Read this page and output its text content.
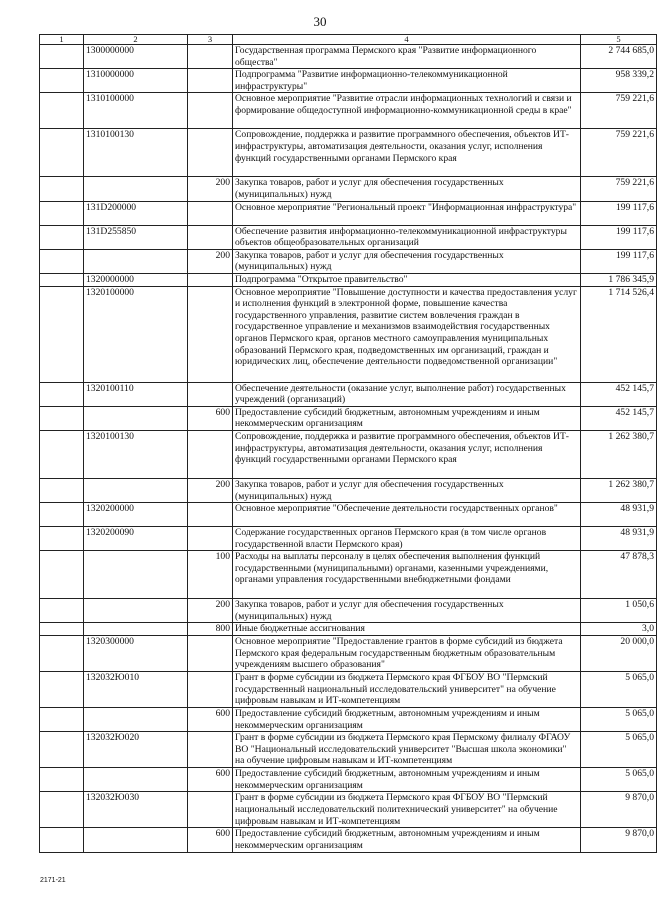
30
1	2	3	4	5
	1300000000		Государственная программа Пермского края "Развитие информационного общества"	2 744 685,0
	1310000000		Подпрограмма "Развитие информационно-телекоммуникационной инфраструктуры"	958 339,2
	1310100000		Основное мероприятие "Развитие отрасли информационных технологий и связи и формирование общедоступной информационно-коммуникационной среды в крае"	759 221,6
	1310100130		Сопровождение, поддержка и развитие программного обеспечения, объектов ИТ-инфраструктуры, автоматизация деятельности, оказания услуг, исполнения функций государственными органами Пермского края	759 221,6
		200	Закупка товаров, работ и услуг для обеспечения государственных (муниципальных) нужд	759 221,6
	131D200000		Основное мероприятие "Региональный проект "Информационная инфраструктура"	199 117,6
	131D255850		Обеспечение развития информационно-телекоммуникационной инфраструктуры объектов общеобразовательных организаций	199 117,6
		200	Закупка товаров, работ и услуг для обеспечения государственных (муниципальных) нужд	199 117,6
	1320000000		Подпрограмма "Открытое правительство"	1 786 345,9
	1320100000		Основное мероприятие "Повышение доступности и качества предоставления услуг и исполнения функций в электронной форме, повышение качества государственного управления, развитие систем вовлечения граждан в государственное управление и механизмов взаимодействия государственных органов Пермского края, органов местного самоуправления муниципальных образований Пермского края, подведомственных им организаций, граждан и юридических лиц, обеспечение деятельности подведомственной организации"	1 714 526,4
	1320100110		Обеспечение деятельности (оказание услуг, выполнение работ) государственных учреждений (организаций)	452 145,7
		600	Предоставление субсидий бюджетным, автономным учреждениям и иным некоммерческим организациям	452 145,7
	1320100130		Сопровождение, поддержка и развитие программного обеспечения, объектов ИТ-инфраструктуры, автоматизация деятельности, оказания услуг, исполнения функций государственными органами Пермского края	1 262 380,7
		200	Закупка товаров, работ и услуг для обеспечения государственных (муниципальных) нужд	1 262 380,7
	1320200000		Основное мероприятие "Обеспечение деятельности государственных органов"	48 931,9
	1320200090		Содержание государственных органов Пермского края (в том числе органов государственной власти Пермского края)	48 931,9
		100	Расходы на выплаты персоналу в целях обеспечения выполнения функций государственными (муниципальными) органами, казенными учреждениями, органами управления государственными внебюджетными фондами	47 878,3
		200	Закупка товаров, работ и услуг для обеспечения государственных (муниципальных) нужд	1 050,6
		800	Иные бюджетные ассигнования	3,0
	1320300000		Основное мероприятие "Предоставление грантов в форме субсидий из бюджета Пермского края федеральным государственным бюджетным образовательным учреждениям высшего образования"	20 000,0
	132032Ю010		Грант в форме субсидии из бюджета Пермского края ФГБОУ ВО "Пермский государственный национальный исследовательский университет" на обучение цифровым навыкам и ИТ-компетенциям	5 065,0
		600	Предоставление субсидий бюджетным, автономным учреждениям и иным некоммерческим организациям	5 065,0
	132032Ю020		Грант в форме субсидии из бюджета Пермского края Пермскому филиалу ФГАОУ ВО "Национальный исследовательский университет "Высшая школа экономики" на обучение цифровым навыкам и ИТ-компетенциям	5 065,0
		600	Предоставление субсидий бюджетным, автономным учреждениям и иным некоммерческим организациям	5 065,0
	132032Ю030		Грант в форме субсидии из бюджета Пермского края ФГБОУ ВО "Пермский национальный исследовательский политехнический университет" на обучение цифровым навыкам и ИТ-компетенциям	9 870,0
		600	Предоставление субсидий бюджетным, автономным учреждениям и иным некоммерческим организациям	9 870,0
2171-21
